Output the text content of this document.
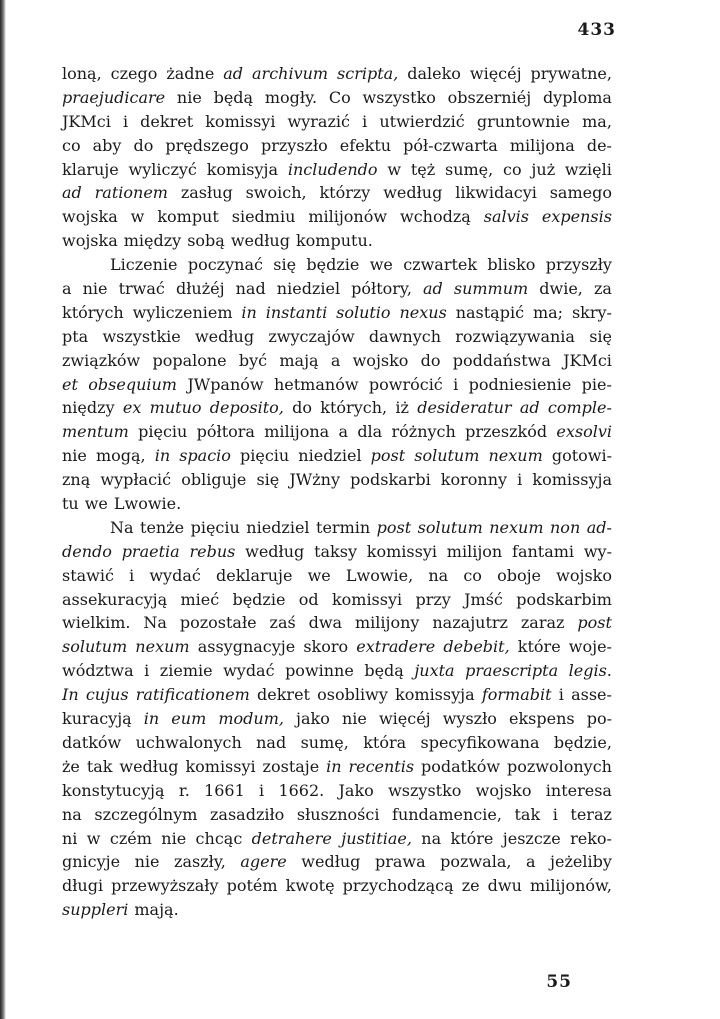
433
loną, czego żadne ad archivum scripta, daleko więcéj prywatne,
praejudicare nie będą mogły. Co wszystko obszerniéj dyploma
JKMci i dekret komissyi wyrazić i utwierdzić gruntownie ma,
co aby do prędszego przyszło efektu pół-czwarta milijona de-
klaruje wyliczyć komisyja includendo w tęż sumę, co już wzięli
ad rationem zasług swoich, którzy według likwidacyi samego
wojska w komput siedmiu milijonów wchodzą salvis expensis
wojska między sobą według komputu.
Liczenie poczynać się będzie we czwartek blisko przyszły
a nie trwać dłużéj nad niedziel półtory, ad summum dwie, za
których wyliczeniem in instanti solutio nexus nastąpić ma; skry-
pta wszystkie według zwyczajów dawnych rozwiązywania się
związków popalone być mają a wojsko do poddaństwa JKMci
et obsequium JWpanów hetmanów powrócić i podniesienie pie-
niędzy ex mutuo deposito, do których, iż desideratur ad comple-
mentum pięciu półtora milijona a dla różnych przeszkód exsolvi
nie mogą, in spacio pięciu niedziel post solutum nexum gotowi-
zną wypłacić obliguje się JWżny podskarbi koronny i komissyja
tu we Lwowie.
Na tenże pięciu niedziel termin post solutum nexum non ad-
dendo praetia rebus według taksy komissyi milijon fantami wy-
stawić i wydać deklaruje we Lwowie, na co oboje wojsko
assekuracyją mieć będzie od komissyi przy Jmść podskarbim
wielkim. Na pozostałe zaś dwa milijony nazajutrz zaraz post
solutum nexum assygnacyje skoro extradere debebit, które woje-
wództwa i ziemie wydać powinne będą juxta praescripta legis.
In cujus ratificationem dekret osobliwy komissyja formabit i asse-
kuracyją in eum modum, jako nie więcéj wyszło ekspens po-
datków uchwalonych nad sumę, która specyfikowana będzie,
że tak według komissyi zostaje in recentis podatków pozwolonych
konstytucyją r. 1661 i 1662. Jako wszystko wojsko interesa
na szczególnym zasadziło słuszności fundamencie, tak i teraz
ni w czém nie chcąc detrahere justitiae, na które jeszcze reko-
gnicyje nie zaszły, agere według prawa pozwala, a jeżeliby
długi przewyższały potém kwotę przychodzącą ze dwu milijonów,
suppleri mają.
55
